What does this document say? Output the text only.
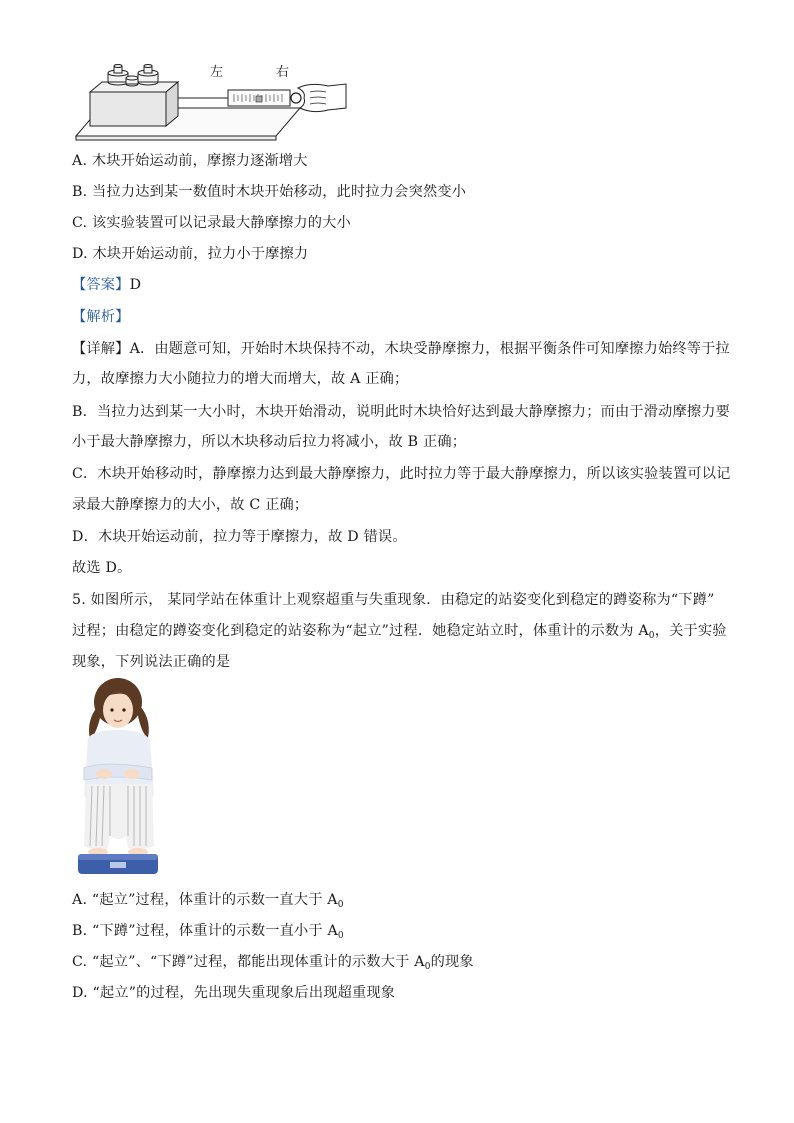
左	右
A. 木块开始运动前，摩擦力逐渐增大
B. 当拉力达到某一数值时木块开始移动，此时拉力会突然变小
C. 该实验装置可以记录最大静摩擦力的大小
D. 木块开始运动前，拉力小于摩擦力
【答案】D
【解析】
【详解】A．由题意可知，开始时木块保持不动，木块受静摩擦力，根据平衡条件可知摩擦力始终等于拉
力，故摩擦力大小随拉力的增大而增大，故 A 正确；
B．当拉力达到某一大小时，木块开始滑动，说明此时木块恰好达到最大静摩擦力；而由于滑动摩擦力要
小于最大静摩擦力，所以木块移动后拉力将减小，故 B 正确；
C．木块开始移动时，静摩擦力达到最大静摩擦力，此时拉力等于最大静摩擦力，所以该实验装置可以记
录最大静摩擦力的大小，故 C 正确；
D．木块开始运动前，拉力等于摩擦力，故 D 错误。
故选 D。
5. 如图所示， 某同学站在体重计上观察超重与失重现象．由稳定的站姿变化到稳定的蹲姿称为“下蹲”
过程；由稳定的蹲姿变化到稳定的站姿称为“起立”过程．她稳定站立时，体重计的示数为 $A_0$，关于实验
现象，下列说法正确的是
A. “起立”过程，体重计的示数一直大于 $A_0$
B. “下蹲”过程，体重计的示数一直小于 $A_0$
C. “起立”、“下蹲”过程，都能出现体重计的示数大于 $A_0$的现象
D. “起立”的过程，先出现失重现象后出现超重现象
